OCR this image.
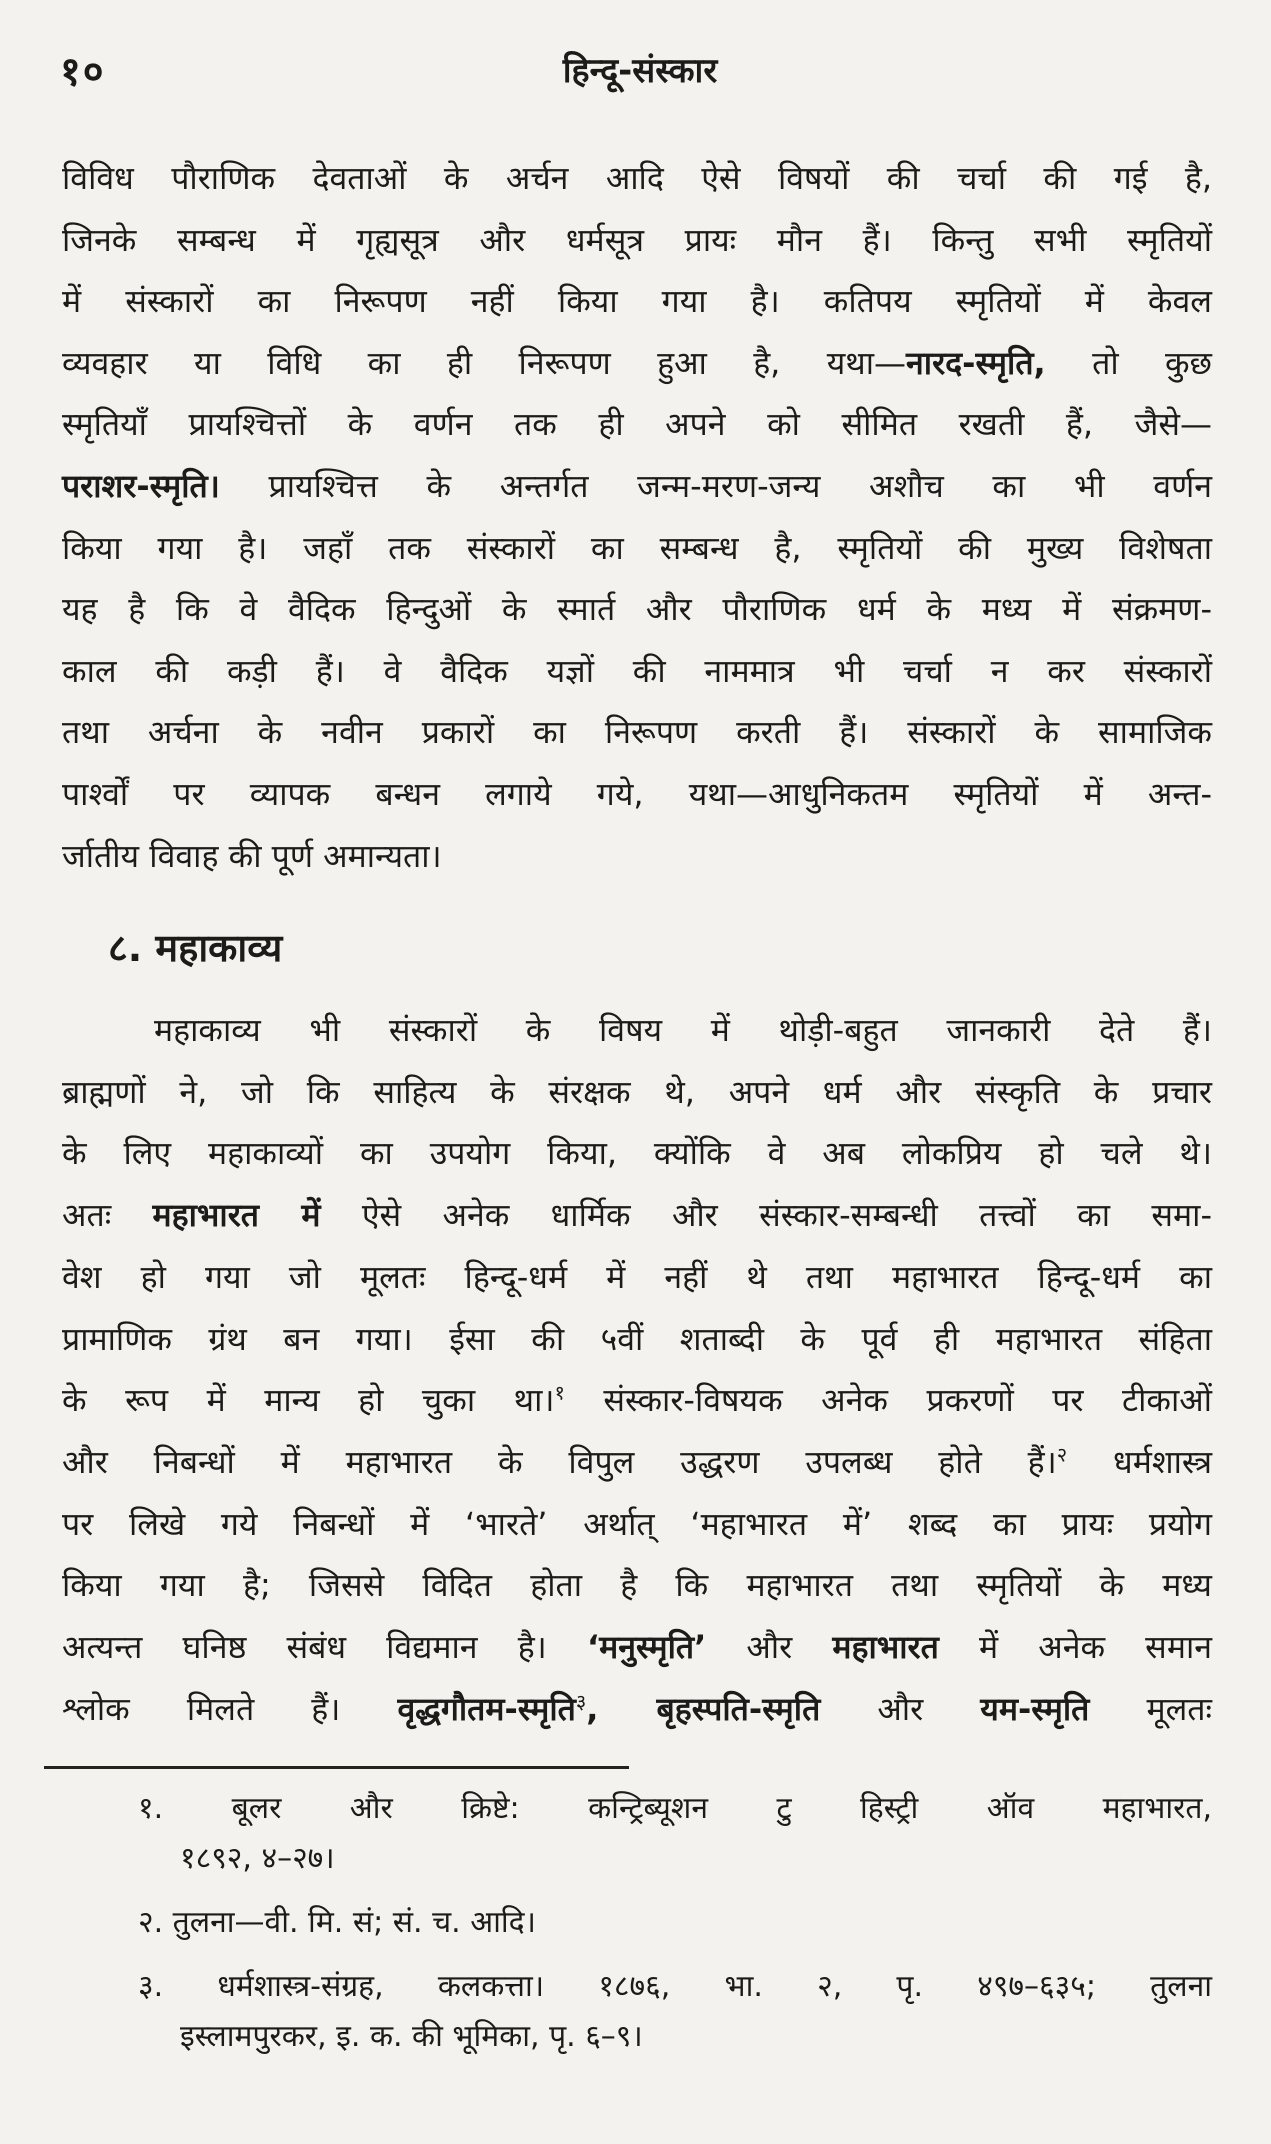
१०	हिन्दू-संस्कार
विविध पौराणिक देवताओं के अर्चन आदि ऐसे विषयों की चर्चा की गई है,
जिनके सम्बन्ध में गृह्यसूत्र और धर्मसूत्र प्रायः मौन हैं। किन्तु सभी स्मृतियों
में संस्कारों का निरूपण नहीं किया गया है। कतिपय स्मृतियों में केवल
व्यवहार या विधि का ही निरूपण हुआ है, यथा—नारद-स्मृति, तो कुछ
स्मृतियाँ प्रायश्चित्तों के वर्णन तक ही अपने को सीमित रखती हैं, जैसे—
पराशर-स्मृति। प्रायश्चित्त के अन्तर्गत जन्म-मरण-जन्य अशौच का भी वर्णन
किया गया है। जहाँ तक संस्कारों का सम्बन्ध है, स्मृतियों की मुख्य विशेषता
यह है कि वे वैदिक हिन्दुओं के स्मार्त और पौराणिक धर्म के मध्य में संक्रमण-
काल की कड़ी हैं। वे वैदिक यज्ञों की नाममात्र भी चर्चा न कर संस्कारों
तथा अर्चना के नवीन प्रकारों का निरूपण करती हैं। संस्कारों के सामाजिक
पार्श्वों पर व्यापक बन्धन लगाये गये, यथा—आधुनिकतम स्मृतियों में अन्त-
र्जातीय विवाह की पूर्ण अमान्यता।
८. महाकाव्य
महाकाव्य भी संस्कारों के विषय में थोड़ी-बहुत जानकारी देते हैं।
ब्राह्मणों ने, जो कि साहित्य के संरक्षक थे, अपने धर्म और संस्कृति के प्रचार
के लिए महाकाव्यों का उपयोग किया, क्योंकि वे अब लोकप्रिय हो चले थे।
अतः महाभारत में ऐसे अनेक धार्मिक और संस्कार-सम्बन्धी तत्त्वों का समा-
वेश हो गया जो मूलतः हिन्दू-धर्म में नहीं थे तथा महाभारत हिन्दू-धर्म का
प्रामाणिक ग्रंथ बन गया। ईसा की ५वीं शताब्दी के पूर्व ही महाभारत संहिता
के रूप में मान्य हो चुका था।$^१$ संस्कार-विषयक अनेक प्रकरणों पर टीकाओं
और निबन्धों में महाभारत के विपुल उद्धरण उपलब्ध होते हैं।$^२$ धर्मशास्त्र
पर लिखे गये निबन्धों में ‘भारते’ अर्थात् ‘महाभारत में’ शब्द का प्रायः प्रयोग
किया गया है; जिससे विदित होता है कि महाभारत तथा स्मृतियों के मध्य
अत्यन्त घनिष्ठ संबंध विद्यमान है। ‘मनुस्मृति’ और महाभारत में अनेक समान
श्लोक मिलते हैं। वृद्धगौतम-स्मृति$^३$, बृहस्पति-स्मृति और यम-स्मृति मूलतः
१. बूलर और क्रिष्टे: कन्ट्रिब्यूशन टु हिस्ट्री ऑव महाभारत,
१८९२, ४–२७।
२. तुलना—वी. मि. सं; सं. च. आदि।
३. धर्मशास्त्र-संग्रह, कलकत्ता। १८७६, भा. २, पृ. ४९७–६३५; तुलना
इस्लामपुरकर, इ. क. की भूमिका, पृ. ६–९।
